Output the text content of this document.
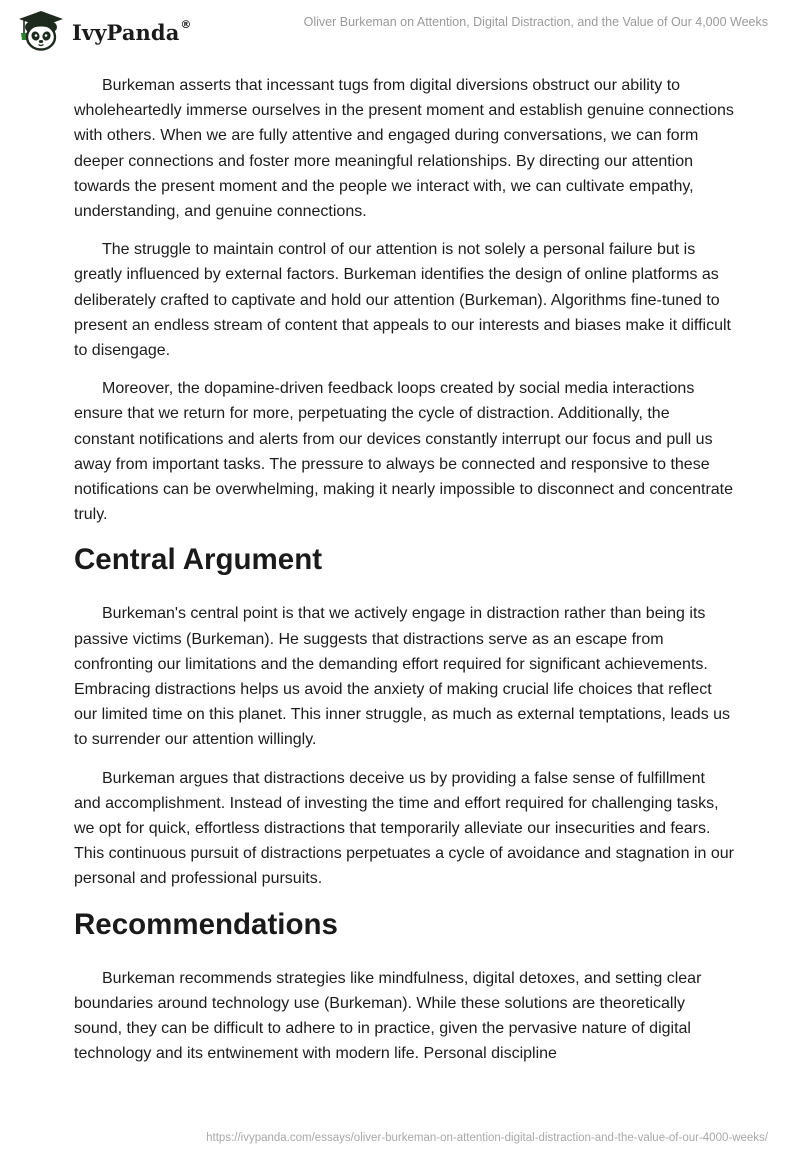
IvyPanda®	Oliver Burkeman on Attention, Digital Distraction, and the Value of Our 4,000 Weeks

Burkeman asserts that incessant tugs from digital diversions obstruct our ability to wholeheartedly immerse ourselves in the present moment and establish genuine connections with others. When we are fully attentive and engaged during conversations, we can form deeper connections and foster more meaningful relationships. By directing our attention towards the present moment and the people we interact with, we can cultivate empathy, understanding, and genuine connections.

The struggle to maintain control of our attention is not solely a personal failure but is greatly influenced by external factors. Burkeman identifies the design of online platforms as deliberately crafted to captivate and hold our attention (Burkeman). Algorithms fine-tuned to present an endless stream of content that appeals to our interests and biases make it difficult to disengage.

Moreover, the dopamine-driven feedback loops created by social media interactions ensure that we return for more, perpetuating the cycle of distraction. Additionally, the constant notifications and alerts from our devices constantly interrupt our focus and pull us away from important tasks. The pressure to always be connected and responsive to these notifications can be overwhelming, making it nearly impossible to disconnect and concentrate truly.

Central Argument

Burkeman's central point is that we actively engage in distraction rather than being its passive victims (Burkeman). He suggests that distractions serve as an escape from confronting our limitations and the demanding effort required for significant achievements. Embracing distractions helps us avoid the anxiety of making crucial life choices that reflect our limited time on this planet. This inner struggle, as much as external temptations, leads us to surrender our attention willingly.

Burkeman argues that distractions deceive us by providing a false sense of fulfillment and accomplishment. Instead of investing the time and effort required for challenging tasks, we opt for quick, effortless distractions that temporarily alleviate our insecurities and fears. This continuous pursuit of distractions perpetuates a cycle of avoidance and stagnation in our personal and professional pursuits.

Recommendations

Burkeman recommends strategies like mindfulness, digital detoxes, and setting clear boundaries around technology use (Burkeman). While these solutions are theoretically sound, they can be difficult to adhere to in practice, given the pervasive nature of digital technology and its entwinement with modern life. Personal discipline

https://ivypanda.com/essays/oliver-burkeman-on-attention-digital-distraction-and-the-value-of-our-4000-weeks/
